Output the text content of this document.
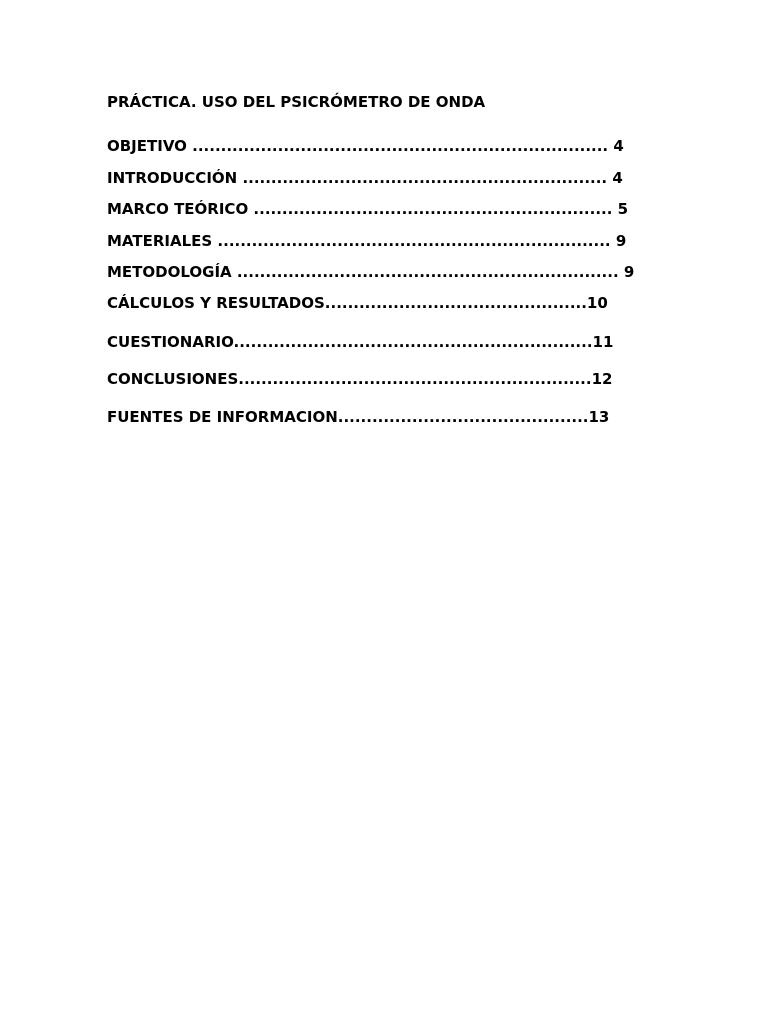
PRÁCTICA. USO DEL PSICRÓMETRO DE ONDA
OBJETIVO ......................................................................... 4
INTRODUCCIÓN ................................................................ 4
MARCO TEÓRICO ............................................................... 5
MATERIALES ..................................................................... 9
METODOLOGÍA ................................................................... 9
CÁLCULOS Y RESULTADOS..............................................10
CUESTIONARIO...............................................................11
CONCLUSIONES..............................................................12
FUENTES DE INFORMACION............................................13
